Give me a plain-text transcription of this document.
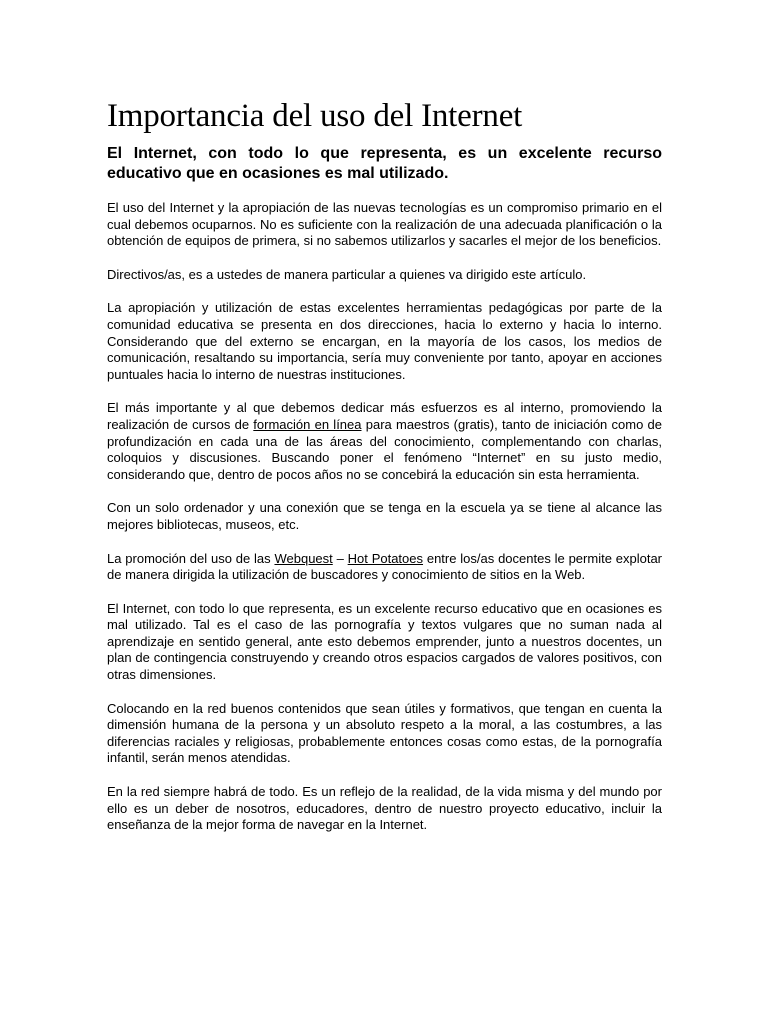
Importancia del uso del Internet

El Internet, con todo lo que representa, es un excelente recurso educativo que en ocasiones es mal utilizado.

El uso del Internet y la apropiación de las nuevas tecnologías es un compromiso primario en el cual debemos ocuparnos. No es suficiente con la realización de una adecuada planificación o la obtención de equipos de primera, si no sabemos utilizarlos y sacarles el mejor de los beneficios.

Directivos/as, es a ustedes de manera particular a quienes va dirigido este artículo.

La apropiación y utilización de estas excelentes herramientas pedagógicas por parte de la comunidad educativa se presenta en dos direcciones, hacia lo externo y hacia lo interno. Considerando que del externo se encargan, en la mayoría de los casos, los medios de comunicación, resaltando su importancia, sería muy conveniente por tanto, apoyar en acciones puntuales hacia lo interno de nuestras instituciones.

El más importante y al que debemos dedicar más esfuerzos es al interno, promoviendo la realización de cursos de formación en línea para maestros (gratis), tanto de iniciación como de profundización en cada una de las áreas del conocimiento, complementando con charlas, coloquios y discusiones. Buscando poner el fenómeno “Internet” en su justo medio, considerando que, dentro de pocos años no se concebirá la educación sin esta herramienta.

Con un solo ordenador y una conexión que se tenga en la escuela ya se tiene al alcance las mejores bibliotecas, museos, etc.

La promoción del uso de las Webquest – Hot Potatoes entre los/as docentes le permite explotar de manera dirigida la utilización de buscadores y conocimiento de sitios en la Web.

El Internet, con todo lo que representa, es un excelente recurso educativo que en ocasiones es mal utilizado. Tal es el caso de las pornografía y textos vulgares que no suman nada al aprendizaje en sentido general, ante esto debemos emprender, junto a nuestros docentes, un plan de contingencia construyendo y creando otros espacios cargados de valores positivos, con otras dimensiones.

Colocando en la red buenos contenidos que sean útiles y formativos, que tengan en cuenta la dimensión humana de la persona y un absoluto respeto a la moral, a las costumbres, a las diferencias raciales y religiosas, probablemente entonces cosas como estas, de la pornografía infantil, serán menos atendidas.

En la red siempre habrá de todo. Es un reflejo de la realidad, de la vida misma y del mundo por ello es un deber de nosotros, educadores, dentro de nuestro proyecto educativo, incluir la enseñanza de la mejor forma de navegar en la Internet.
